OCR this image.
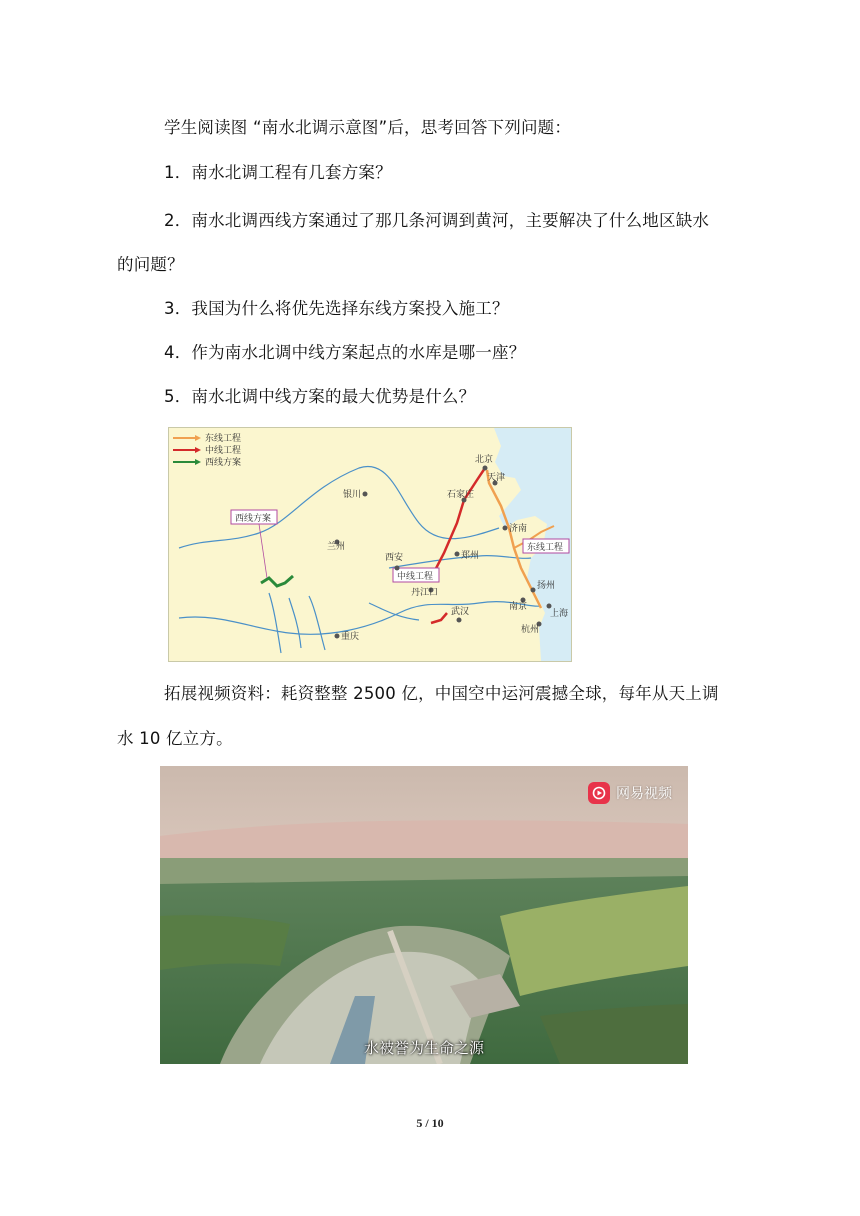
学生阅读图 “南水北调示意图”后，思考回答下列问题：
1．南水北调工程有几套方案？
2．南水北调西线方案通过了那几条河调到黄河，主要解决了什么地区缺水
的问题？
3．我国为什么将优先选择东线方案投入施工？
4．作为南水北调中线方案起点的水库是哪一座？
5．南水北调中线方案的最大优势是什么？
东线工程
中线工程
西线方案
西线方案
中线工程
东线工程
北京
天津
石家庄
银川
兰州
济南
西安	郑州
丹江口
武汉
重庆
扬州
南京
上海
杭州
拓展视频资料：耗资整整 2500 亿，中国空中运河震撼全球，每年从天上调
水 10 亿立方。
网易视频
水被誉为生命之源
5 / 10
